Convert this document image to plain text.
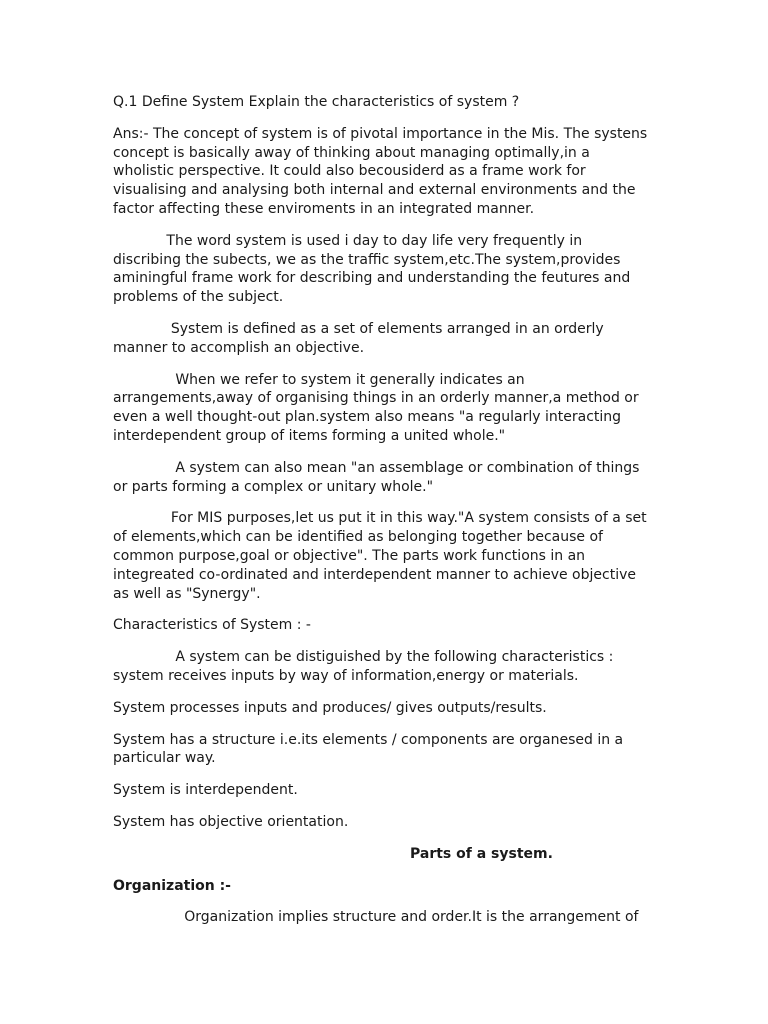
Q.1 Define System Explain the characteristics of system ?

Ans:- The concept of system is of pivotal importance in the Mis. The systens concept is basically away of thinking about managing optimally,in a wholistic perspective. It could also becousiderd as a frame work for visualising and analysing both internal and external environments and the factor affecting these enviroments in an integrated manner.

The word system is used i day to day life very frequently in discribing the subects, we as the traffic system,etc.The system,provides aminingful frame work for describing and understanding the feutures and problems of the subject.

System is defined as a set of elements arranged in an orderly manner to accomplish an objective.

When we refer to system it generally indicates an arrangements,away of organising things in an orderly manner,a method or even a well thought-out plan.system also means "a regularly interacting interdependent group of items forming a united whole."

A system can also mean "an assemblage or combination of things or parts forming a complex or unitary whole."

For MIS purposes,let us put it in this way."A system consists of a set of elements,which can be identified as belonging together because of common purpose,goal or objective". The parts work functions in an integreated co-ordinated and interdependent manner to achieve objective as well as "Synergy".

Characteristics of System : -

A system can be distiguished by the following characteristics : system receives inputs by way of information,energy or materials.

System processes inputs and produces/ gives outputs/results.

System has a structure i.e.its elements / components are organesed in a particular way.

System is interdependent.

System has objective orientation.

Parts of a system.

Organization :-

Organization implies structure and order.It is the arrangement of
